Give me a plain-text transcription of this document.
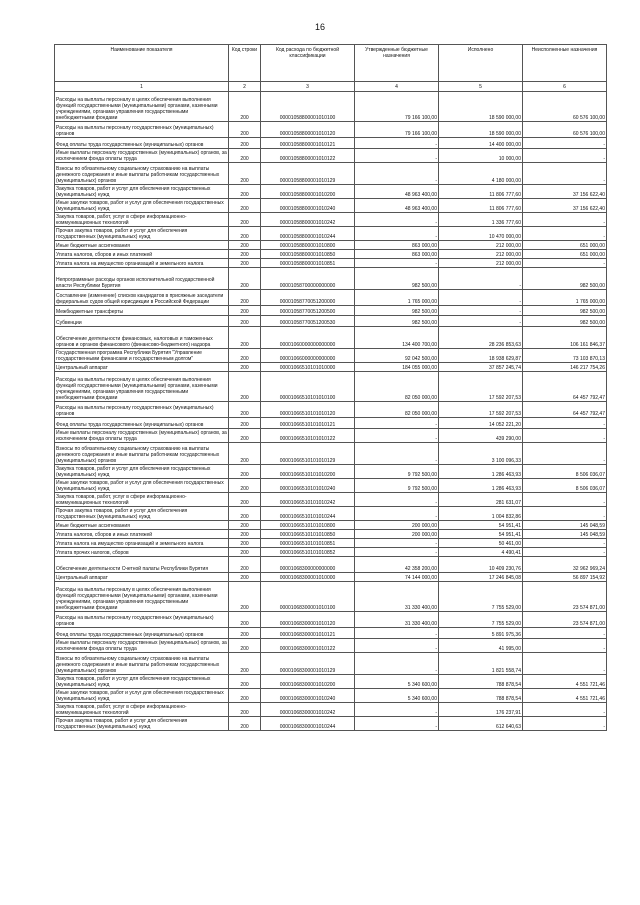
16
Наименование показателя	Код строки	Код расхода по бюджетной классификации	Утвержденные бюджетные назначения	Исполнено	Неисполненные назначения
1	2	3	4	5	6
Расходы на выплаты персоналу в целях обеспечения выполнения функций государственными (муниципальными) органами, казенными учреждениями, органами управления государственными внебюджетными фондами	200	00001058800001010100	79 166 100,00	18 590 000,00	60 576 100,00
Расходы на выплаты персоналу государственных (муниципальных) органов	200	00001058800001010120	79 166 100,00	18 590 000,00	60 576 100,00
Фонд оплаты труда государственных (муниципальных) органов	200	00001058800001010121	-	14 400 000,00	-
Иные выплаты персоналу государственных (муниципальных) органов, за исключением фонда оплаты труда	200	00001058800001010122	-	10 000,00	-
Взносы по обязательному социальному страхованию на выплаты денежного содержания и иные выплаты работникам государственных (муниципальных) органов	200	00001058800001010129	-	4 180 000,00	-
Закупка товаров, работ и услуг для обеспечения государственных (муниципальных) нужд	200	00001058800001010200	48 963 400,00	11 806 777,60	37 156 622,40
Иные закупки товаров, работ и услуг для обеспечения государственных (муниципальных) нужд	200	00001058800001010240	48 963 400,00	11 806 777,60	37 156 622,40
Закупка товаров, работ, услуг в сфере информационно-коммуникационных технологий	200	00001058800001010242	-	1 336 777,60	-
Прочая закупка товаров, работ и услуг для обеспечения государственных (муниципальных) нужд	200	00001058800001010244	-	10 470 000,00	-
Иные бюджетные ассигнования	200	00001058800001010800	863 000,00	212 000,00	651 000,00
Уплата налогов, сборов и иных платежей	200	00001058800001010850	863 000,00	212 000,00	651 000,00
Уплата налога на имущество организаций и земельного налога	200	00001058800001010851	-	212 000,00	-
Непрограммные расходы органов исполнительной государственной власти Республики Бурятия	200	00001058700000000000	982 500,00	-	982 500,00
Составление (изменение) списков кандидатов в присяжные заседатели федеральных судов общей юрисдикции в Российской Федерации	200	00001058770051200000	1 765 000,00	-	1 765 000,00
Межбюджетные трансферты	200	00001058770051200500	982 500,00	-	982 500,00
Субвенции	200	00001058770051200530	982 500,00	-	982 500,00
Обеспечение деятельности финансовых, налоговых и таможенных органов и органов финансового (финансово-бюджетного) надзора	200	00001060000000000000	134 400 700,00	28 236 853,63	106 161 846,37
Государственная программа Республики Бурятия "Управление государственными финансами и государственным долгом"	200	00001066000000000000	92 042 500,00	18 938 629,87	73 103 870,13
Центральный аппарат	200	00001066510101010000	184 055 000,00	37 857 245,74	146 217 754,26
Расходы на выплаты персоналу в целях обеспечения выполнения функций государственными (муниципальными) органами, казенными учреждениями, органами управления государственными внебюджетными фондами	200	00001066510101010100	82 050 000,00	17 592 207,53	64 457 792,47
Расходы на выплаты персоналу государственных (муниципальных) органов	200	00001066510101010120	82 050 000,00	17 592 207,53	64 457 792,47
Фонд оплаты труда государственных (муниципальных) органов	200	00001066510101010121	-	14 052 221,20	-
Иные выплаты персоналу государственных (муниципальных) органов, за исключением фонда оплаты труда	200	00001066510101010122	-	439 290,00	-
Взносы по обязательному социальному страхованию на выплаты денежного содержания и иные выплаты работникам государственных (муниципальных) органов	200	00001066510101010129	-	3 100 096,33	-
Закупка товаров, работ и услуг для обеспечения государственных (муниципальных) нужд	200	00001066510101010200	9 792 500,00	1 286 463,93	8 506 036,07
Иные закупки товаров, работ и услуг для обеспечения государственных (муниципальных) нужд	200	00001066510101010240	9 792 500,00	1 286 463,93	8 506 036,07
Закупка товаров, работ, услуг в сфере информационно-коммуникационных технологий	200	00001066510101010242	-	281 631,07	-
Прочая закупка товаров, работ и услуг для обеспечения государственных (муниципальных) нужд	200	00001066510101010244	-	1 004 832,86	-
Иные бюджетные ассигнования	200	00001066510101010800	200 000,00	54 951,41	145 048,59
Уплата налогов, сборов и иных платежей	200	00001066510101010850	200 000,00	54 951,41	145 048,59
Уплата налога на имущество организаций и земельного налога	200	00001066510101010851	-	50 461,00	-
Уплата прочих налогов, сборов	200	00001066510101010852	-	4 490,41	-
Обеспечение деятельности Счетной палаты Республики Бурятия	200	00001068300000000000	42 358 200,00	10 409 230,76	32 962 969,24
Центральный аппарат	200	00001068300001010000	74 144 000,00	17 246 845,08	56 897 154,92
Расходы на выплаты персоналу в целях обеспечения выполнения функций государственными (муниципальными) органами, казенными учреждениями, органами управления государственными внебюджетными фондами	200	00001068300001010100	31 330 400,00	7 755 529,00	23 574 871,00
Расходы на выплаты персоналу государственных (муниципальных) органов	200	00001068300001010120	31 330 400,00	7 755 529,00	23 574 871,00
Фонд оплаты труда государственных (муниципальных) органов	200	00001068300001010121	-	5 891 975,36	-
Иные выплаты персоналу государственных (муниципальных) органов, за исключением фонда оплаты труда	200	00001068300001010122	-	41 995,00	-
Взносы по обязательному социальному страхованию на выплаты денежного содержания и иные выплаты работникам государственных (муниципальных) органов	200	00001068300001010129	-	1 821 558,74	-
Закупка товаров, работ и услуг для обеспечения государственных (муниципальных) нужд	200	00001068300001010200	5 340 600,00	788 878,54	4 551 721,46
Иные закупки товаров, работ и услуг для обеспечения государственных (муниципальных) нужд	200	00001068300001010240	5 340 600,00	788 878,54	4 551 721,46
Закупка товаров, работ, услуг в сфере информационно-коммуникационных технологий	200	00001068300001010242	-	176 237,91	-
Прочая закупка товаров, работ и услуг для обеспечения государственных (муниципальных) нужд	200	00001068300001010244	-	612 640,63	-
